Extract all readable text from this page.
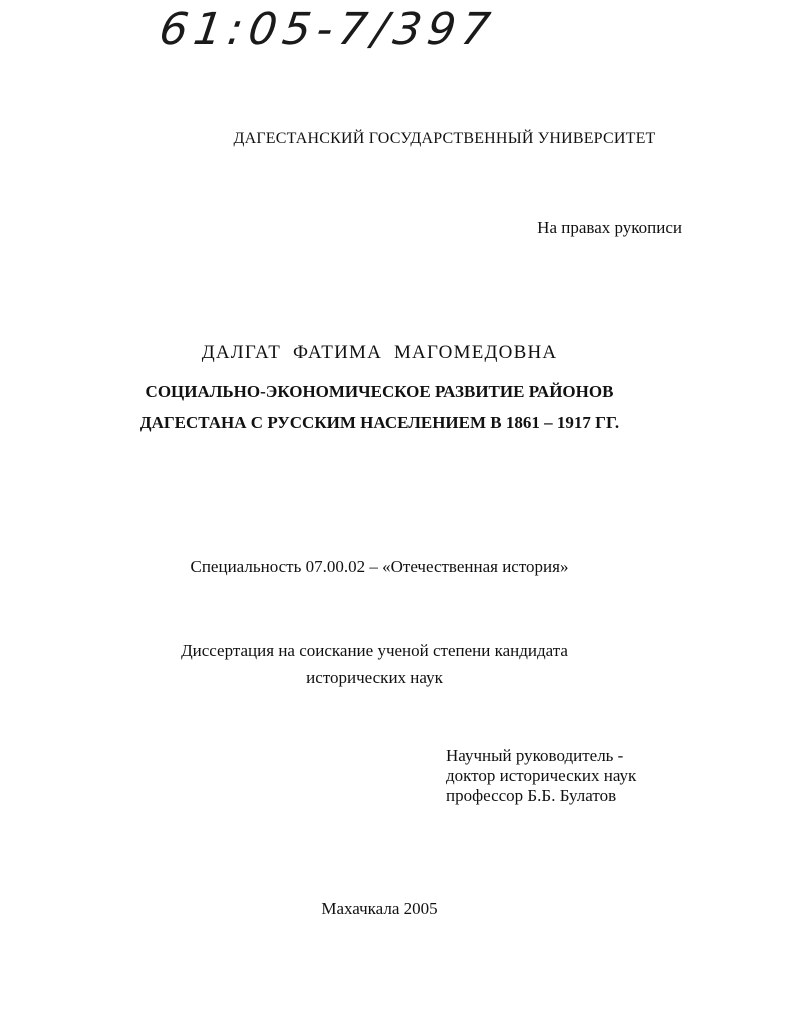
61:05-7/397
ДАГЕСТАНСКИЙ ГОСУДАРСТВЕННЫЙ УНИВЕРСИТЕТ
На правах рукописи
ДАЛГАТ ФАТИМА МАГОМЕДОВНА
СОЦИАЛЬНО-ЭКОНОМИЧЕСКОЕ РАЗВИТИЕ РАЙОНОВ
ДАГЕСТАНА С РУССКИМ НАСЕЛЕНИЕМ В 1861 – 1917 ГГ.
Специальность 07.00.02 – «Отечественная история»
Диссертация на соискание ученой степени кандидата
исторических наук
Научный руководитель -
доктор исторических наук
профессор Б.Б. Булатов
Махачкала 2005
